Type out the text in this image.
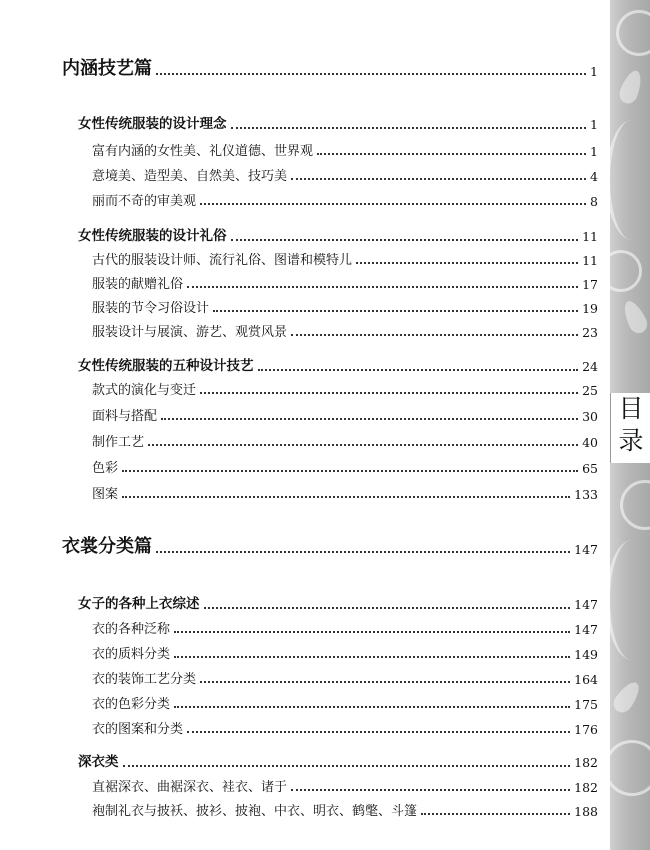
目
录
内涵技艺篇	1
女性传统服装的设计理念	1
富有内涵的女性美、礼仪道德、世界观	1
意境美、造型美、自然美、技巧美	4
丽而不奇的审美观	8
女性传统服装的设计礼俗	11
古代的服装设计师、流行礼俗、图谱和模特儿	11
服装的献赠礼俗	17
服装的节令习俗设计	19
服装设计与展演、游艺、观赏风景	23
女性传统服装的五种设计技艺	24
款式的演化与变迁	25
面料与搭配	30
制作工艺	40
色彩	65
图案	133
衣裳分类篇	147
女子的各种上衣综述	147
衣的各种泛称	147
衣的质料分类	149
衣的装饰工艺分类	164
衣的色彩分类	175
衣的图案和分类	176
深衣类	182
直裾深衣、曲裾深衣、袿衣、诸于	182
袍制礼衣与披袄、披衫、披袍、中衣、明衣、鹤氅、斗篷	188
